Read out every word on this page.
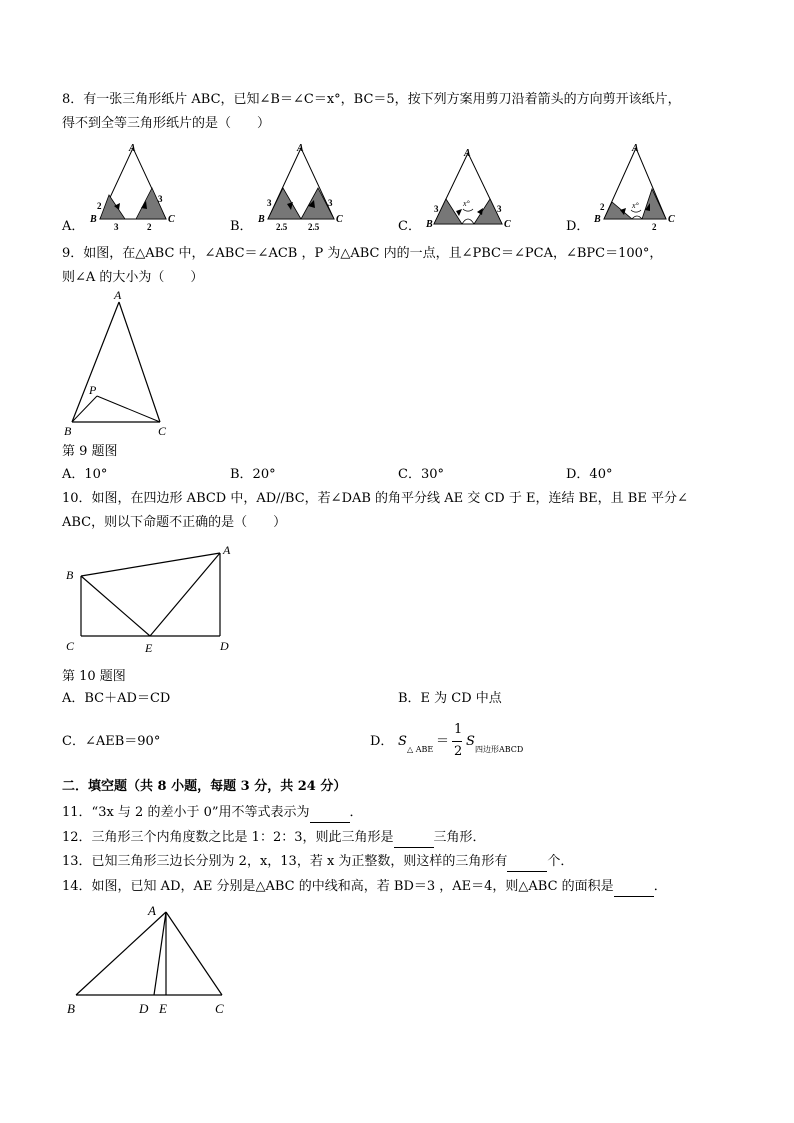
8．有一张三角形纸片 ABC，已知∠B＝∠C＝x°，BC＝5，按下列方案用剪刀沿着箭头的方向剪开该纸片，
得不到全等三角形纸片的是（　　）
A
B	C
2
3
3
2
A．
A
B	C
3
2.5 2.5
3
B．
A
B	C
3	3
x°
C．
A
B	C
2
2
x°
D．
9．如图，在△ABC 中，∠ABC＝∠ACB ，P 为△ABC 内的一点，且∠PBC＝∠PCA，∠BPC＝100°，
则∠A 的大小为（　　）
A
P
B	C
第 9 题图
A．10°	B．20°	C．30°	D．40°
10．如图，在四边形 ABCD 中，AD//BC，若∠DAB 的角平分线 AE 交 CD 于 E，连结 BE，且 BE 平分∠
ABC，则以下命题不正确的是（　　）
A
B
C	D
E
第 10 题图
A．BC＋AD＝CD	B．E 为 CD 中点
C．∠AEB＝90°	D． S
△ ABE
＝
1
2
S
四边形ABCD
二．填空题（共 8 小题，每题 3 分，共 24 分）
11．“3x 与 2 的差小于 0”用不等式表示为	．
12．三角形三个内角度数之比是 1：2：3，则此三角形是	三角形．
13．已知三角形三边长分别为 2，x，13，若 x 为正整数，则这样的三角形有	个．
14．如图，已知 AD，AE 分别是△ABC 的中线和高，若 BD＝3 ，AE＝4，则△ABC 的面积是	．
A
B	D E	C
